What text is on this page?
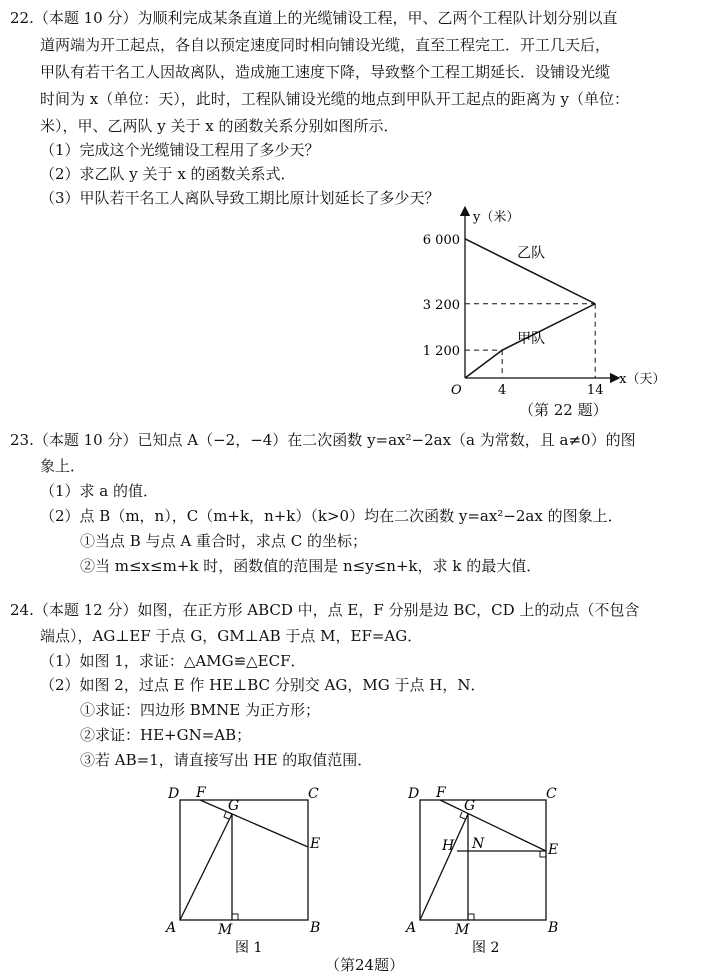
22.（本题 10 分）为顺利完成某条直道上的光缆铺设工程，甲、乙两个工程队计划分别以直
道两端为开工起点，各自以预定速度同时相向铺设光缆，直至工程完工．开工几天后，
甲队有若干名工人因故离队，造成施工速度下降，导致整个工程工期延长．设铺设光缆
时间为 x（单位：天），此时，工程队铺设光缆的地点到甲队开工起点的距离为 y（单位：
米），甲、乙两队 y 关于 x 的函数关系分别如图所示．
（1）完成这个光缆铺设工程用了多少天？
（2）求乙队 y 关于 x 的函数关系式．
（3）甲队若干名工人离队导致工期比原计划延长了多少天？
乙队
甲队
1 200
3 200
6 000
4	14
O
x（天）
y（米）
（第 22 题）
23.（本题 10 分）已知点 A（−2，−4）在二次函数 y=ax²−2ax（a 为常数，且 a≠0）的图
象上．
（1）求 a 的值．
（2）点 B（m，n），C（m+k，n+k）（k>0）均在二次函数 y=ax²−2ax 的图象上．
①当点 B 与点 A 重合时，求点 C 的坐标；
②当 m≤x≤m+k 时，函数值的范围是 n≤y≤n+k，求 k 的最大值．
24.（本题 12 分）如图，在正方形 ABCD 中，点 E，F 分别是边 BC，CD 上的动点（不包含
端点），AG⊥EF 于点 G，GM⊥AB 于点 M，EF=AG．
（1）如图 1，求证：△AMG≌△ECF．
（2）如图 2，过点 E 作 HE⊥BC 分别交 AG，MG 于点 H，N．
①求证：四边形 BMNE 为正方形；
②求证：HE+GN=AB；
③若 AB=1，请直接写出 HE 的取值范围．
D F
G
C
E
A	M	B
图 1
D F
G
C
H N	E
A	M	B
图 2
（第24题）
